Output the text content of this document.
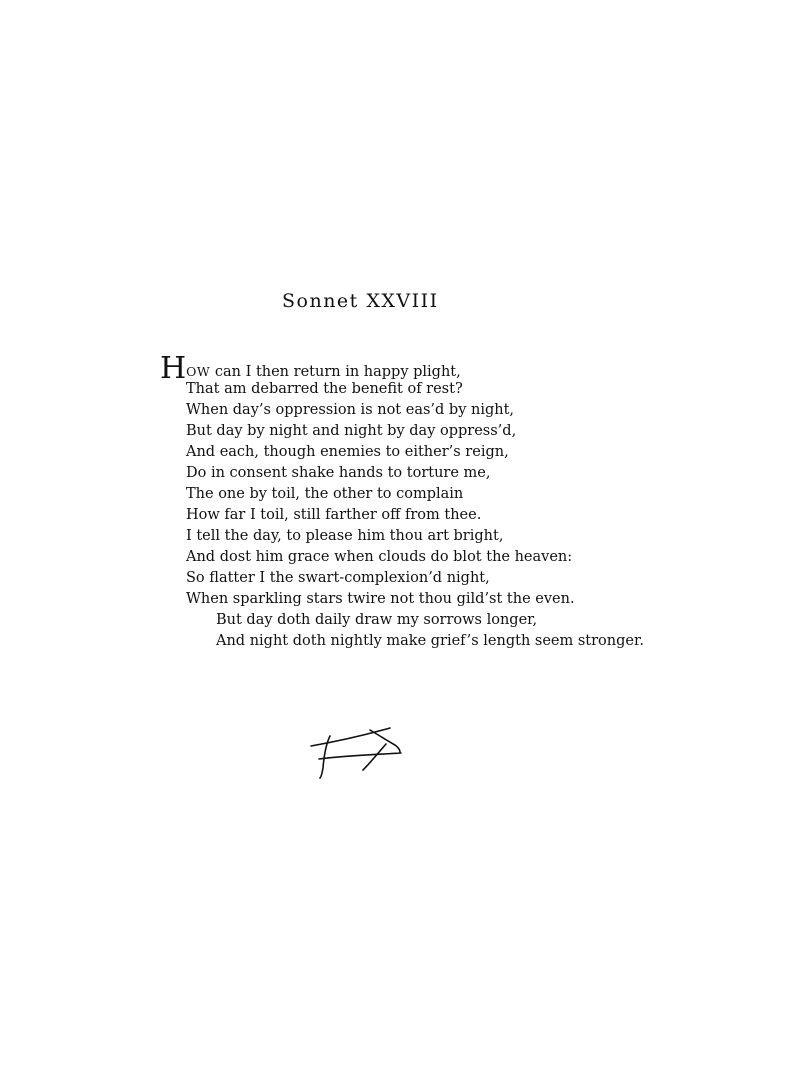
Sonnet XXVIII
HOW can I then return in happy plight,
That am debarred the benefit of rest?
When day’s oppression is not eas’d by night,
But day by night and night by day oppress’d,
And each, though enemies to either’s reign,
Do in consent shake hands to torture me,
The one by toil, the other to complain
How far I toil, still farther off from thee.
I tell the day, to please him thou art bright,
And dost him grace when clouds do blot the heaven:
So flatter I the swart-complexion’d night,
When sparkling stars twire not thou gild’st the even.
But day doth daily draw my sorrows longer,
And night doth nightly make grief’s length seem stronger.
